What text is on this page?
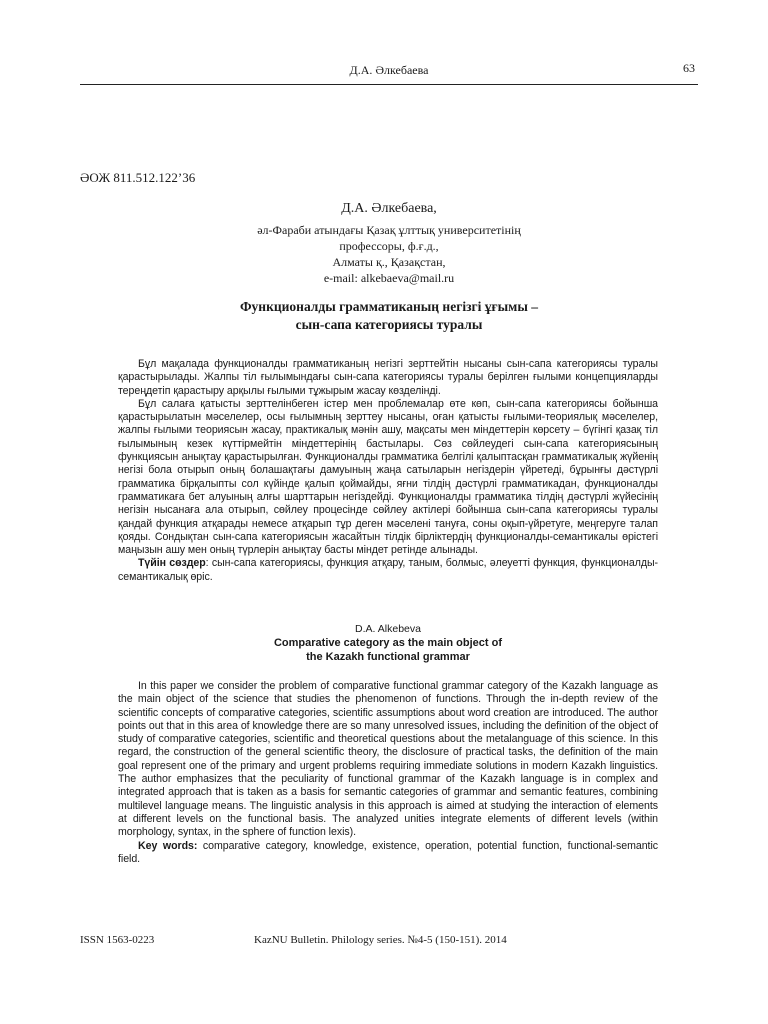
Д.А. Әлкебаева	63
ӘОЖ 811.512.122’36
Д.А. Әлкебаева,
әл-Фараби атындағы Қазақ ұлттық университетінің
профессоры, ф.ғ.д.,
Алматы қ., Қазақстан,
e-mail: alkebaeva@mail.ru
Функционалды грамматиканың негізгі ұғымы –
сын-сапа категориясы туралы

Бұл мақалада функционалды грамматиканың негізгі зерттейтін нысаны сын-сапа категориясы туралы қарастырылады. Жалпы тіл ғылымындағы сын-сапа категориясы туралы берілген ғылыми концепцияларды тереңдетіп қарастыру арқылы ғылыми тұжырым жасау көзделінді.

Бұл салаға қатысты зерттелінбеген істер мен проблемалар өте көп, сын-сапа категориясы бойынша қарастырылатын мәселелер, осы ғылымның зерттеу нысаны, оған қатысты ғылыми-теориялық мәселелер, жалпы ғылыми теориясын жасау, практикалық мәнін ашу, мақсаты мен міндеттерін көрсету – бүгінгі қазақ тіл ғылымының кезек күттірмейтін міндеттерінің бастылары. Сөз сөйлеудегі сын-сапа категориясының функциясын анықтау қарастырылған. Функционалды грамматика белгілі қалыптасқан грамматикалық жүйенің негізі бола отырып оның болашақтағы дамуының жаңа сатыларын негіздерін үйретеді, бұрынғы дәстүрлі грамматика бірқалыпты сол күйінде қалып қоймайды, яғни тілдің дәстүрлі грамматикадан, функционалды грамматикаға бет алуының алғы шарттарын негіздейді. Функционалды грамматика тілдің дәстүрлі жүйесінің негізін нысанаға ала отырып, сөйлеу процесінде сөйлеу актілері бойынша сын-сапа категориясы туралы қандай функция атқарады немесе атқарып тұр деген мәселені тануға, соны оқып-үйретуге, меңгеруге талап қояды. Сондықтан сын-сапа категориясын жасайтын тілдік бірліктердің функционалды-семантикалы өрістегі маңызын ашу мен оның түрлерін анықтау басты міндет ретінде алынады.

Түйін сөздер: сын-сапа категориясы, функция атқару, таным, болмыс, әлеуетті функция, функционалды-семантикалық өріс.

D.A. Alkebeva
Comparative category as the main object of
the Kazakh functional grammar

In this paper we consider the problem of comparative functional grammar category of the Kazakh language as the main object of the science that studies the phenomenon of functions. Through the in-depth review of the scientific concepts of comparative categories, scientific assumptions about word creation are introduced. The author points out that in this area of knowledge there are so many unresolved issues, including the definition of the object of study of comparative categories, scientific and theoretical questions about the metalanguage of this science. In this regard, the construction of the general scientific theory, the disclosure of practical tasks, the definition of the main goal represent one of the primary and urgent problems requiring immediate solutions in modern Kazakh linguistics. The author emphasizes that the peculiarity of functional grammar of the Kazakh language is in complex and integrated approach that is taken as a basis for semantic categories of grammar and semantic features, combining multilevel language means. The linguistic analysis in this approach is aimed at studying the interaction of elements at different levels on the functional basis. The analyzed unities integrate elements of different levels (within morphology, syntax, in the sphere of function lexis).

Key words: comparative category, knowledge, existence, operation, potential function, functional-semantic field.

ISSN 1563-0223	KazNU Bulletin. Philology series. №4-5 (150-151). 2014
